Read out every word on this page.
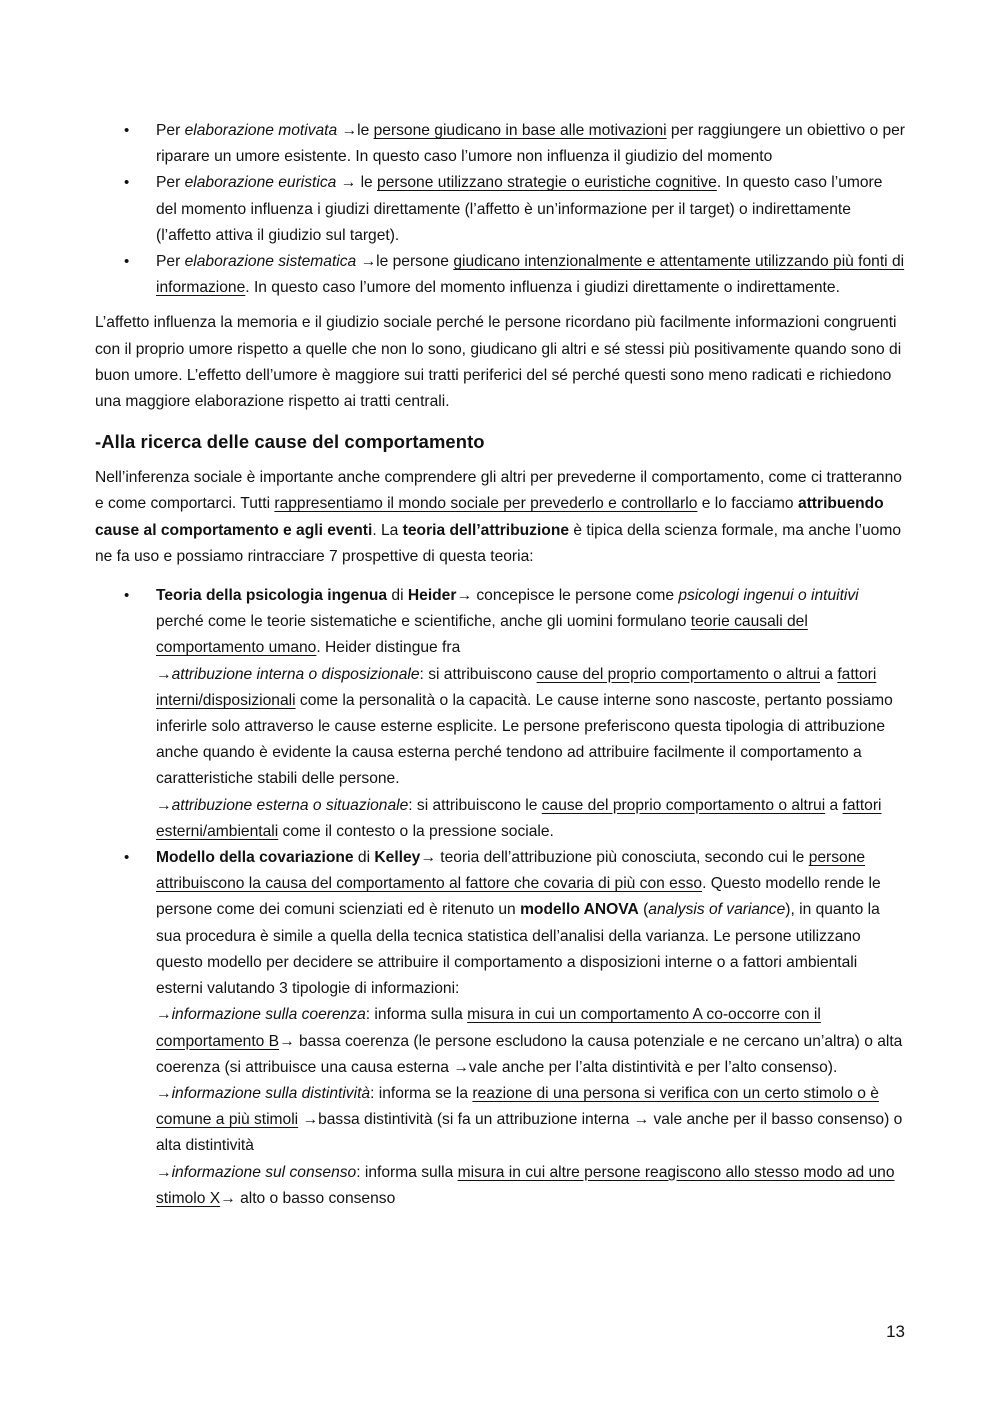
• Per elaborazione motivata →le persone giudicano in base alle motivazioni per raggiungere un obiettivo o per riparare un umore esistente. In questo caso l’umore non influenza il giudizio del momento
• Per elaborazione euristica → le persone utilizzano strategie o euristiche cognitive. In questo caso l’umore del momento influenza i giudizi direttamente (l’affetto è un’informazione per il target) o indirettamente (l’affetto attiva il giudizio sul target).
• Per elaborazione sistematica →le persone giudicano intenzionalmente e attentamente utilizzando più fonti di informazione. In questo caso l’umore del momento influenza i giudizi direttamente o indirettamente.

L’affetto influenza la memoria e il giudizio sociale perché le persone ricordano più facilmente informazioni congruenti con il proprio umore rispetto a quelle che non lo sono, giudicano gli altri e sé stessi più positivamente quando sono di buon umore. L’effetto dell’umore è maggiore sui tratti periferici del sé perché questi sono meno radicati e richiedono una maggiore elaborazione rispetto ai tratti centrali.

-Alla ricerca delle cause del comportamento

Nell’inferenza sociale è importante anche comprendere gli altri per prevederne il comportamento, come ci tratteranno e come comportarci. Tutti rappresentiamo il mondo sociale per prevederlo e controllarlo e lo facciamo attribuendo cause al comportamento e agli eventi. La teoria dell’attribuzione è tipica della scienza formale, ma anche l’uomo ne fa uso e possiamo rintracciare 7 prospettive di questa teoria:

• Teoria della psicologia ingenua di Heider→ concepisce le persone come psicologi ingenui o intuitivi perché come le teorie sistematiche e scientifiche, anche gli uomini formulano teorie causali del comportamento umano. Heider distingue fra
→attribuzione interna o disposizionale: si attribuiscono cause del proprio comportamento o altrui a fattori interni/disposizionali come la personalità o la capacità. Le cause interne sono nascoste, pertanto possiamo inferirle solo attraverso le cause esterne esplicite. Le persone preferiscono questa tipologia di attribuzione anche quando è evidente la causa esterna perché tendono ad attribuire facilmente il comportamento a caratteristiche stabili delle persone.
→attribuzione esterna o situazionale: si attribuiscono le cause del proprio comportamento o altrui a fattori esterni/ambientali come il contesto o la pressione sociale.
• Modello della covariazione di Kelley→ teoria dell’attribuzione più conosciuta, secondo cui le persone attribuiscono la causa del comportamento al fattore che covaria di più con esso. Questo modello rende le persone come dei comuni scienziati ed è ritenuto un modello ANOVA (analysis of variance), in quanto la sua procedura è simile a quella della tecnica statistica dell’analisi della varianza. Le persone utilizzano questo modello per decidere se attribuire il comportamento a disposizioni interne o a fattori ambientali esterni valutando 3 tipologie di informazioni:
→informazione sulla coerenza: informa sulla misura in cui un comportamento A co-occorre con il comportamento B→ bassa coerenza (le persone escludono la causa potenziale e ne cercano un’altra) o alta coerenza (si attribuisce una causa esterna →vale anche per l’alta distintività e per l’alto consenso).
→informazione sulla distintività: informa se la reazione di una persona si verifica con un certo stimolo o è comune a più stimoli →bassa distintività (si fa un attribuzione interna → vale anche per il basso consenso) o alta distintività
→informazione sul consenso: informa sulla misura in cui altre persone reagiscono allo stesso modo ad uno stimolo X→ alto o basso consenso
13
